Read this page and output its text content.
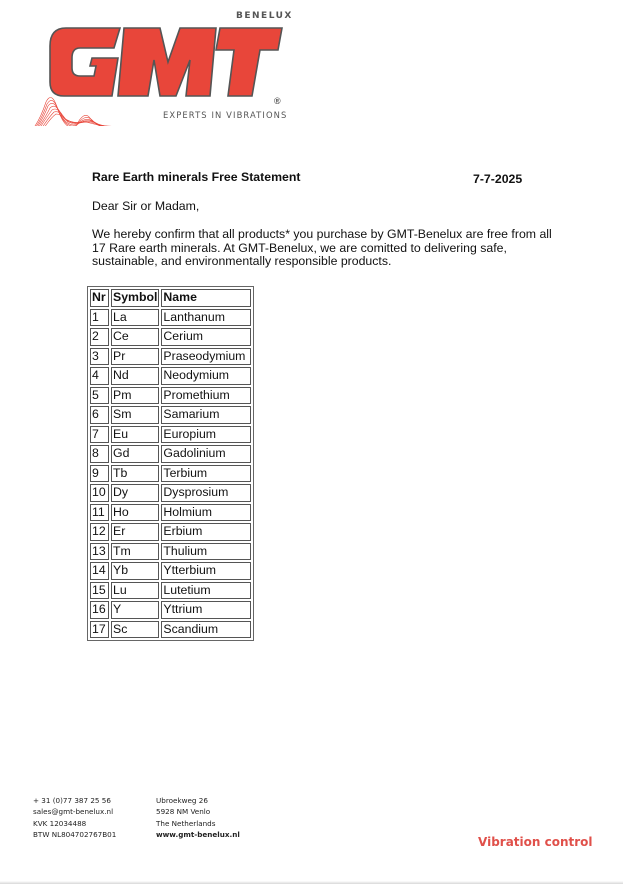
BENELUX
®
EXPERTS IN VIBRATIONS
Rare Earth minerals Free Statement	7-7-2025
Dear Sir or Madam,
We hereby confirm that all products* you purchase by GMT-Benelux are free from all 17 Rare earth minerals. At GMT-Benelux, we are comitted to delivering safe, sustainable, and environmentally responsible products.
Nr	Symbol	Name
1	La	Lanthanum
2	Ce	Cerium
3	Pr	Praseodymium
4	Nd	Neodymium
5	Pm	Promethium
6	Sm	Samarium
7	Eu	Europium
8	Gd	Gadolinium
9	Tb	Terbium
10	Dy	Dysprosium
11	Ho	Holmium
12	Er	Erbium
13	Tm	Thulium
14	Yb	Ytterbium
15	Lu	Lutetium
16	Y	Yttrium
17	Sc	Scandium
+ 31 (0)77 387 25 56
sales@gmt-benelux.nl
KVK 12034488
BTW NL804702767B01
Ubroekweg 26
5928 NM Venlo
The Netherlands
www.gmt-benelux.nl
Vibration control
